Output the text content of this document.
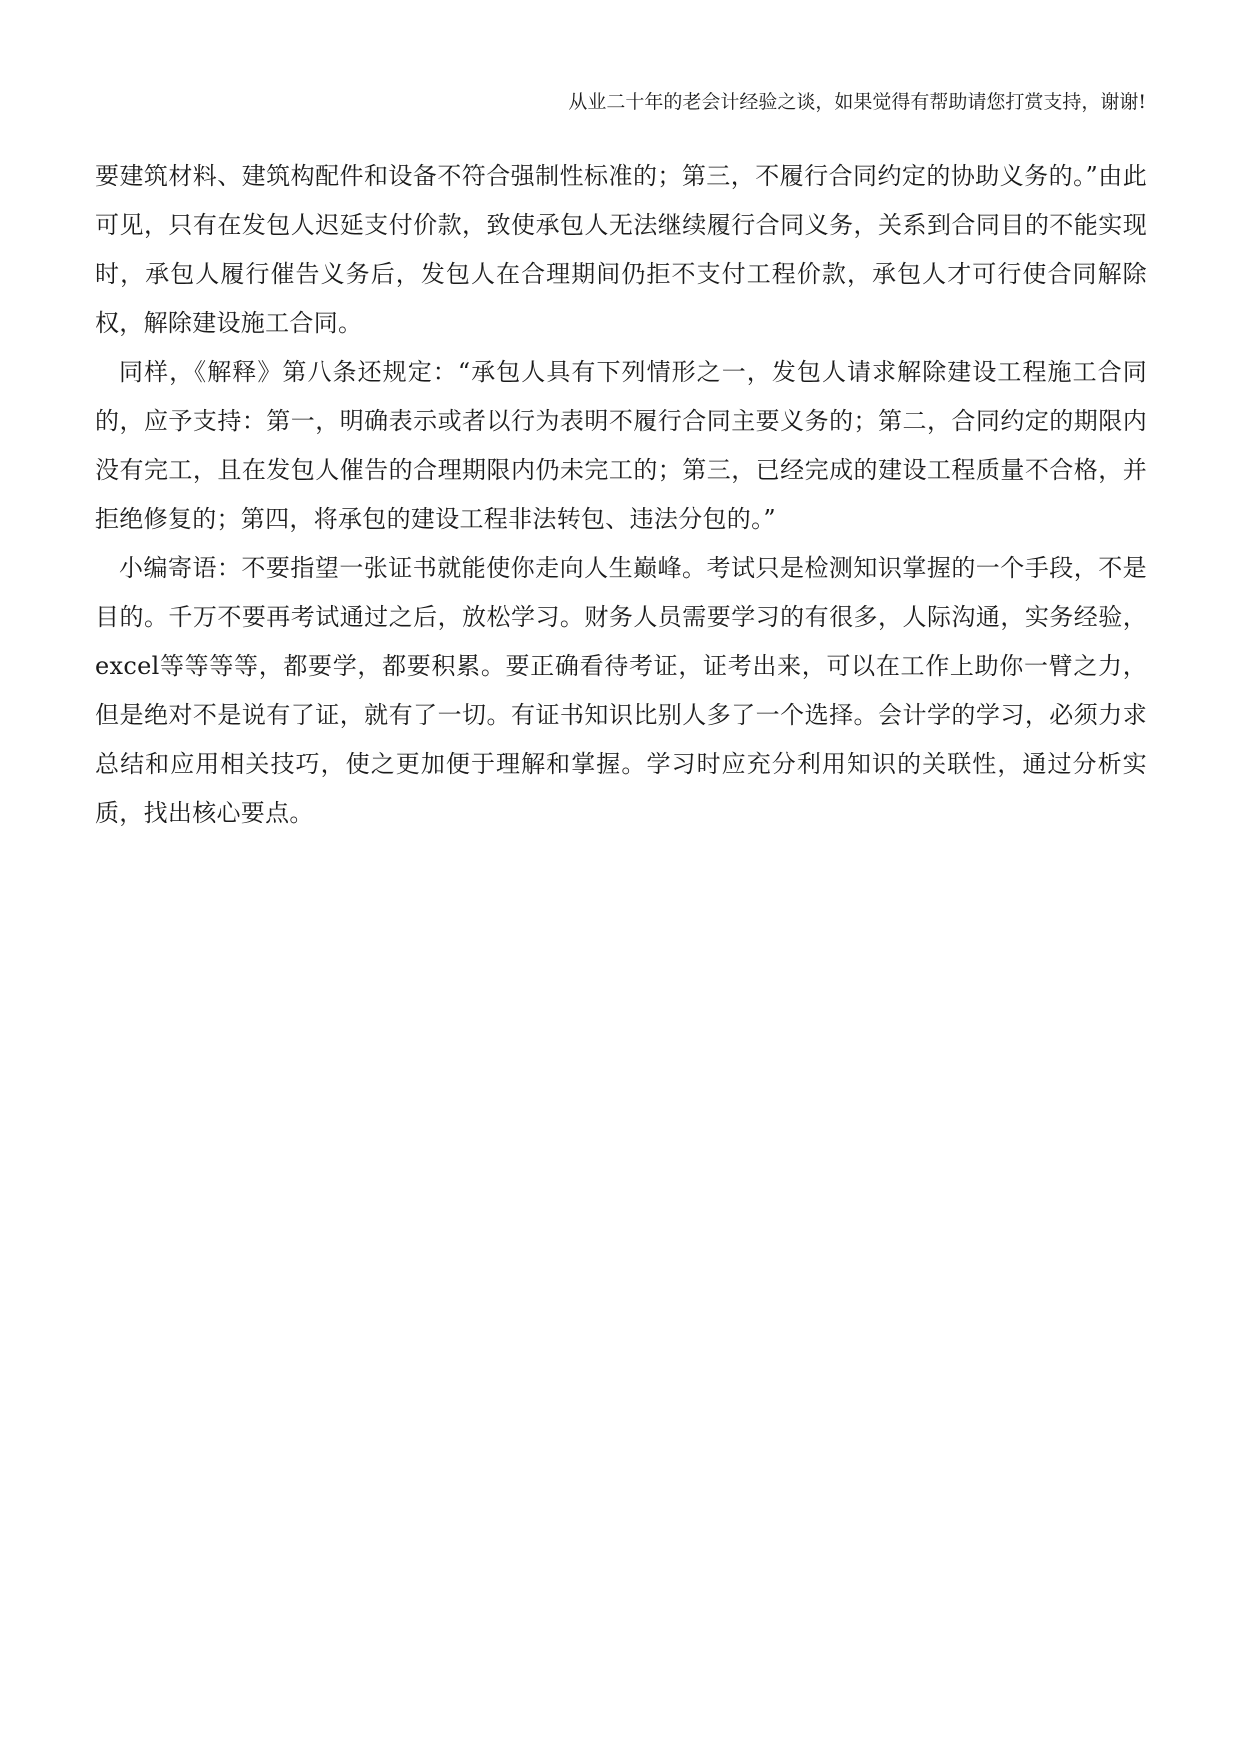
从业二十年的老会计经验之谈，如果觉得有帮助请您打赏支持，谢谢!

要建筑材料、建筑构配件和设备不符合强制性标准的；第三，不履行合同约定的协助义务的。”由此可见，只有在发包人迟延支付价款，致使承包人无法继续履行合同义务，关系到合同目的不能实现时，承包人履行催告义务后，发包人在合理期间仍拒不支付工程价款，承包人才可行使合同解除权，解除建设施工合同。

同样，《解释》第八条还规定：“承包人具有下列情形之一，发包人请求解除建设工程施工合同的，应予支持：第一，明确表示或者以行为表明不履行合同主要义务的；第二，合同约定的期限内没有完工，且在发包人催告的合理期限内仍未完工的；第三，已经完成的建设工程质量不合格，并拒绝修复的；第四，将承包的建设工程非法转包、违法分包的。”

小编寄语：不要指望一张证书就能使你走向人生巅峰。考试只是检测知识掌握的一个手段，不是目的。千万不要再考试通过之后，放松学习。财务人员需要学习的有很多，人际沟通，实务经验，excel等等等等，都要学，都要积累。要正确看待考证，证考出来，可以在工作上助你一臂之力，但是绝对不是说有了证，就有了一切。有证书知识比别人多了一个选择。会计学的学习，必须力求总结和应用相关技巧，使之更加便于理解和掌握。学习时应充分利用知识的关联性，通过分析实质，找出核心要点。
